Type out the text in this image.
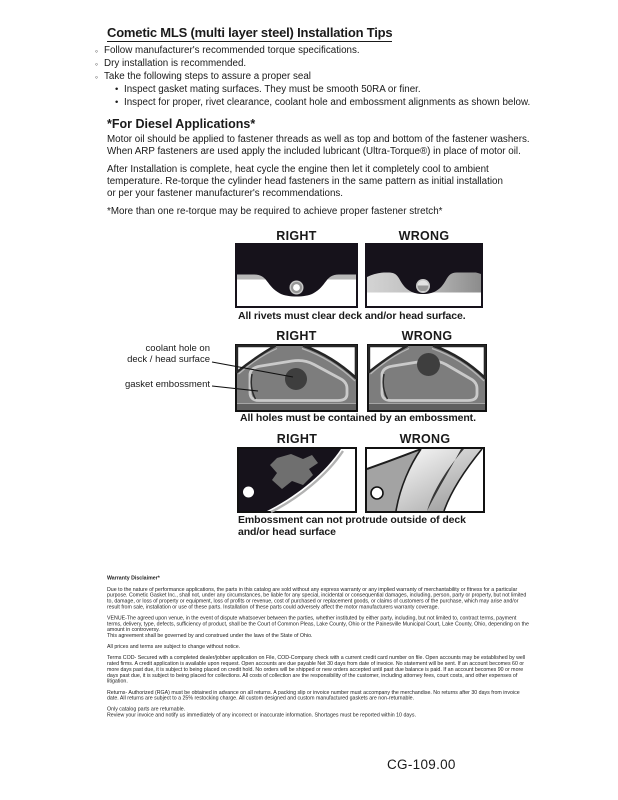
Cometic MLS (multi layer steel) Installation Tips
◦ Follow manufacturer's recommended torque specifications.
◦ Dry installation is recommended.
◦ Take the following steps to assure a proper seal
• Inspect gasket mating surfaces. They must be smooth 50RA or finer.
• Inspect for proper, rivet clearance, coolant hole and embossment alignments as shown below.
*For Diesel Applications*
Motor oil should be applied to fastener threads as well as top and bottom of the fastener washers.
When ARP fasteners are used apply the included lubricant (Ultra-Torque®) in place of motor oil.
After Installation is complete, heat cycle the engine then let it completely cool to ambient
temperature. Re-torque the cylinder head fasteners in the same pattern as initial installation
or per your fastener manufacturer's recommendations.
*More than one re-torque may be required to achieve proper fastener stretch*
RIGHT	WRONG
All rivets must clear deck and/or head surface.
RIGHT	WRONG
coolant hole on
deck / head surface
gasket embossment
All holes must be contained by an embossment.
RIGHT	WRONG
Embossment can not protrude outside of deck
and/or head surface

Warranty Disclaimer*

Due to the nature of performance applications, the parts in this catalog are sold without any express warranty or any implied warranty of merchantability or fitness for a particular purpose. Cometic Gasket Inc., shall not, under any circumstances, be liable for any special, incidental or consequential damages, including, person, party or property, but not limited to, damage, or loss of property or equipment, loss of profits or revenue, cost of purchased or replacement goods, or claims of customers of the purchase, which may arise and/or result from sale, installation or use of these parts. Installation of these parts could adversely affect the motor manufacturers warranty coverage.

VENUE-The agreed upon venue, in the event of dispute whatsoever between the parties, whether instituted by either party, including, but not limited to, contract terms, payment terms, delivery, type, defects, sufficiency of product, shall be the Court of Common Pleas, Lake County, Ohio or the Painesville Municipal Court, Lake County, Ohio, depending on the amount in controversy.

This agreement shall be governed by and construed under the laws of the State of Ohio.

All prices and terms are subject to change without notice.

Terms COD- Secured with a completed dealer/jobber application on File, COD-Company check with a current credit card number on file. Open accounts may be established by well rated firms. A credit application is available upon request. Open accounts are due payable Net 30 days from date of invoice. No statement will be sent. If an account becomes 60 or more days past due, it is subject to being placed on credit hold. No orders will be shipped or new orders accepted until past due balance is paid. If an account becomes 90 or more days past due, it is subject to being placed for collections. All costs of collection are the responsibility of the customer, including attorney fees, court costs, and other expenses of litigation.

Returns- Authorized (RGA) must be obtained in advance on all returns. A packing slip or invoice number must accompany the merchandise. No returns after 30 days from invoice date. All returns are subject to a 25% restocking charge. All custom designed and custom manufactured gaskets are non-returnable.

Only catalog parts are returnable.

Review your invoice and notify us immediately of any incorrect or inaccurate information. Shortages must be reported within 10 days.

CG-109.00
